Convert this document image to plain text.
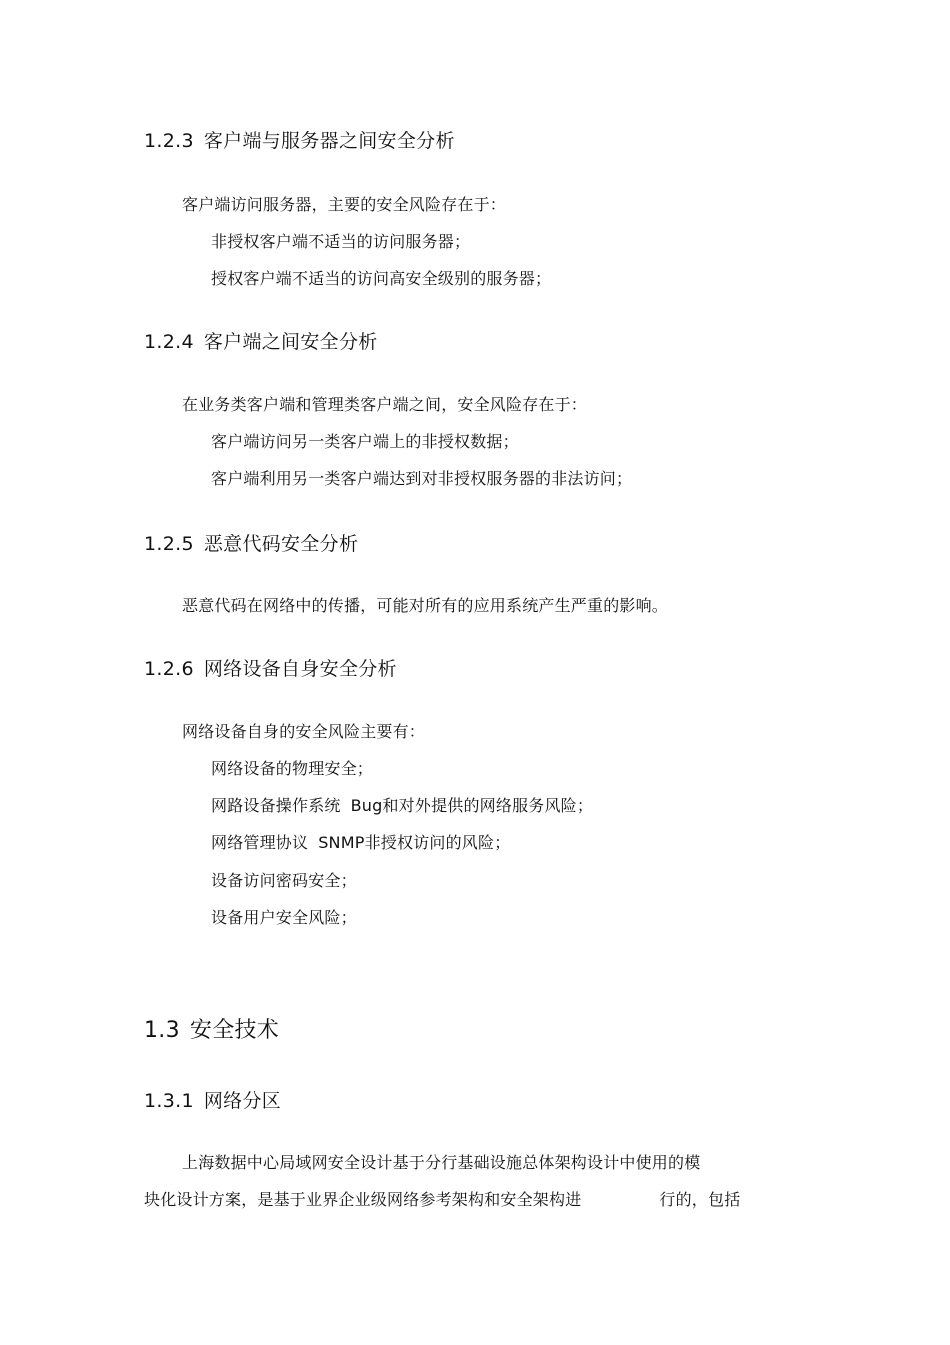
1.2.3 客户端与服务器之间安全分析
客户端访问服务器，主要的安全风险存在于：
非授权客户端不适当的访问服务器；
授权客户端不适当的访问高安全级别的服务器；
1.2.4 客户端之间安全分析
在业务类客户端和管理类客户端之间，安全风险存在于：
客户端访问另一类客户端上的非授权数据；
客户端利用另一类客户端达到对非授权服务器的非法访问；
1.2.5 恶意代码安全分析
恶意代码在网络中的传播，可能对所有的应用系统产生严重的影响。
1.2.6 网络设备自身安全分析
网络设备自身的安全风险主要有：
网络设备的物理安全；
网路设备操作系统 Bug和对外提供的网络服务风险；
网络管理协议 SNMP非授权访问的风险；
设备访问密码安全；
设备用户安全风险；
1.3 安全技术
1.3.1 网络分区
上海数据中心局域网安全设计基于分行基础设施总体架构设计中使用的模
块化设计方案，是基于业界企业级网络参考架构和安全架构进	行的，包括
